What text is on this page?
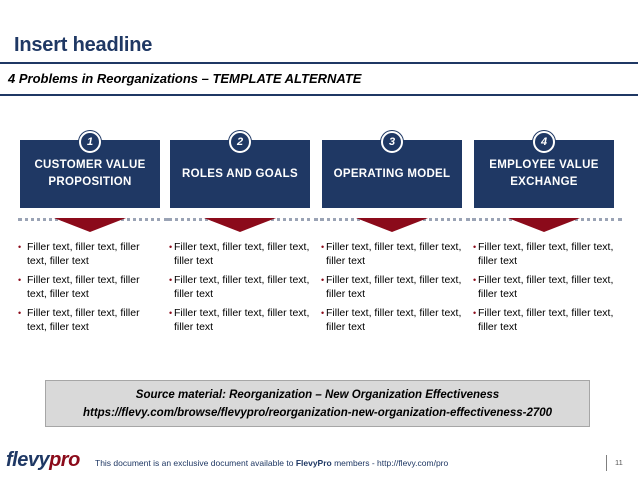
Insert headline
4 Problems in Reorganizations – TEMPLATE ALTERNATE
CUSTOMER VALUE PROPOSITION
1
• Filler text, filler text, filler text, filler text
• Filler text, filler text, filler text, filler text
• Filler text, filler text, filler text, filler text
ROLES AND GOALS
2
• Filler text, filler text, filler text, filler text
• Filler text, filler text, filler text, filler text
• Filler text, filler text, filler text, filler text
OPERATING MODEL
3
• Filler text, filler text, filler text, filler text
• Filler text, filler text, filler text, filler text
• Filler text, filler text, filler text, filler text
EMPLOYEE VALUE EXCHANGE
4
• Filler text, filler text, filler text, filler text
• Filler text, filler text, filler text, filler text
• Filler text, filler text, filler text, filler text
Source material: Reorganization – New Organization Effectiveness
https://flevy.com/browse/flevypro/reorganization-new-organization-effectiveness-2700
flevypro This document is an exclusive document available to FlevyPro members - http://flevy.com/pro	11
